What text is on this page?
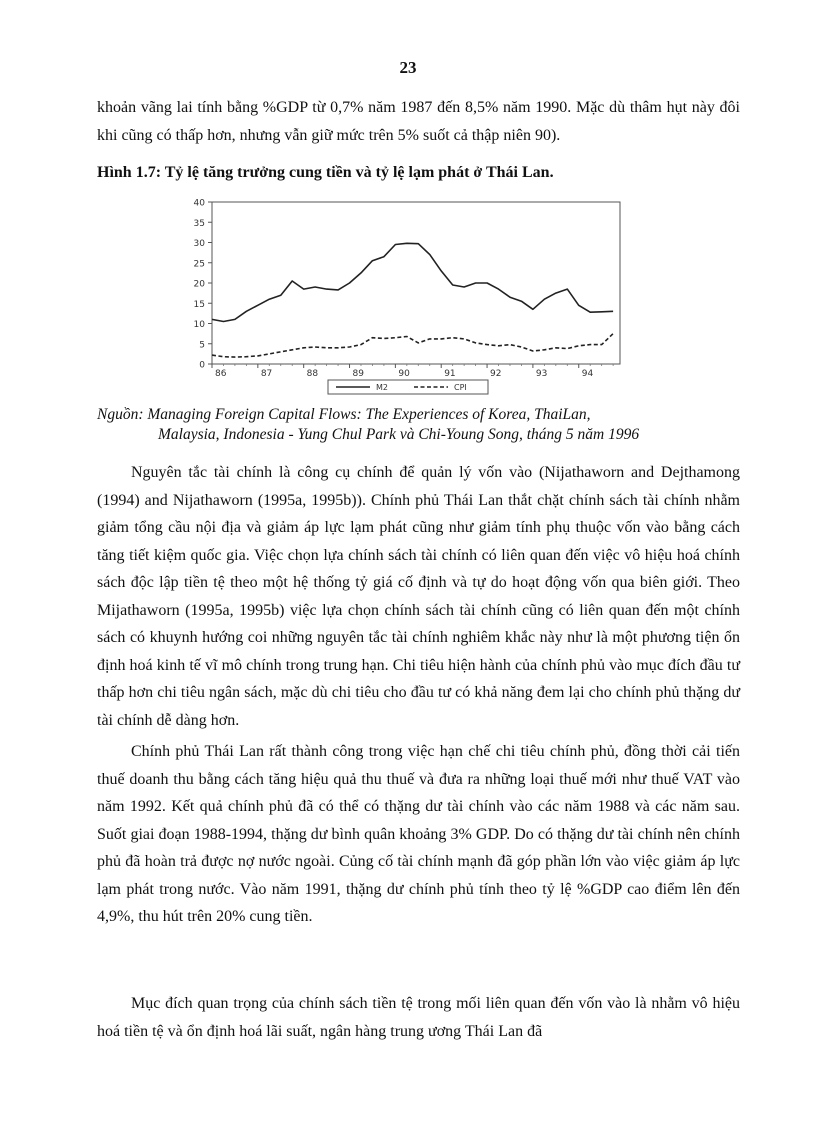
23

khoản vãng lai tính bằng %GDP từ 0,7% năm 1987 đến 8,5% năm 1990. Mặc dù thâm hụt này đôi khi cũng có thấp hơn, nhưng vẫn giữ mức trên 5% suốt cả thập niên 90).

Hình 1.7: Tỷ lệ tăng trưởng cung tiền và tỷ lệ lạm phát ở Thái Lan.

0
5
10
15
20
25
30
35
40
86	87	88	89	90	91	92	93	94
M2	CPI

Nguồn: Managing Foreign Capital Flows: The Experiences of Korea, ThaiLan,
Malaysia, Indonesia - Yung Chul Park và Chi-Young Song, tháng 5 năm 1996

Nguyên tắc tài chính là công cụ chính để quản lý vốn vào (Nijathaworn and Dejthamong (1994) and Nijathaworn (1995a, 1995b)). Chính phủ Thái Lan thắt chặt chính sách tài chính nhằm giảm tổng cầu nội địa và giảm áp lực lạm phát cũng như giảm tính phụ thuộc vốn vào bằng cách tăng tiết kiệm quốc gia. Việc chọn lựa chính sách tài chính có liên quan đến việc vô hiệu hoá chính sách độc lập tiền tệ theo một hệ thống tỷ giá cố định và tự do hoạt động vốn qua biên giới. Theo Mijathaworn (1995a, 1995b) việc lựa chọn chính sách tài chính cũng có liên quan đến một chính sách có khuynh hướng coi những nguyên tắc tài chính nghiêm khắc này như là một phương tiện ổn định hoá kinh tế vĩ mô chính trong trung hạn. Chi tiêu hiện hành của chính phủ vào mục đích đầu tư thấp hơn chi tiêu ngân sách, mặc dù chi tiêu cho đầu tư có khả năng đem lại cho chính phủ thặng dư tài chính dễ dàng hơn.

Chính phủ Thái Lan rất thành công trong việc hạn chế chi tiêu chính phủ, đồng thời cải tiến thuế doanh thu bằng cách tăng hiệu quả thu thuế và đưa ra những loại thuế mới như thuế VAT vào năm 1992. Kết quả chính phủ đã có thể có thặng dư tài chính vào các năm 1988 và các năm sau. Suốt giai đoạn 1988-1994, thặng dư bình quân khoảng 3% GDP. Do có thặng dư tài chính nên chính phủ đã hoàn trả được nợ nước ngoài. Củng cố tài chính mạnh đã góp phần lớn vào việc giảm áp lực lạm phát trong nước. Vào năm 1991, thặng dư chính phủ tính theo tỷ lệ %GDP cao điểm lên đến 4,9%, thu hút trên 20% cung tiền.

Mục đích quan trọng của chính sách tiền tệ trong mối liên quan đến vốn vào là nhằm vô hiệu hoá tiền tệ và ổn định hoá lãi suất, ngân hàng trung ương Thái Lan đã
